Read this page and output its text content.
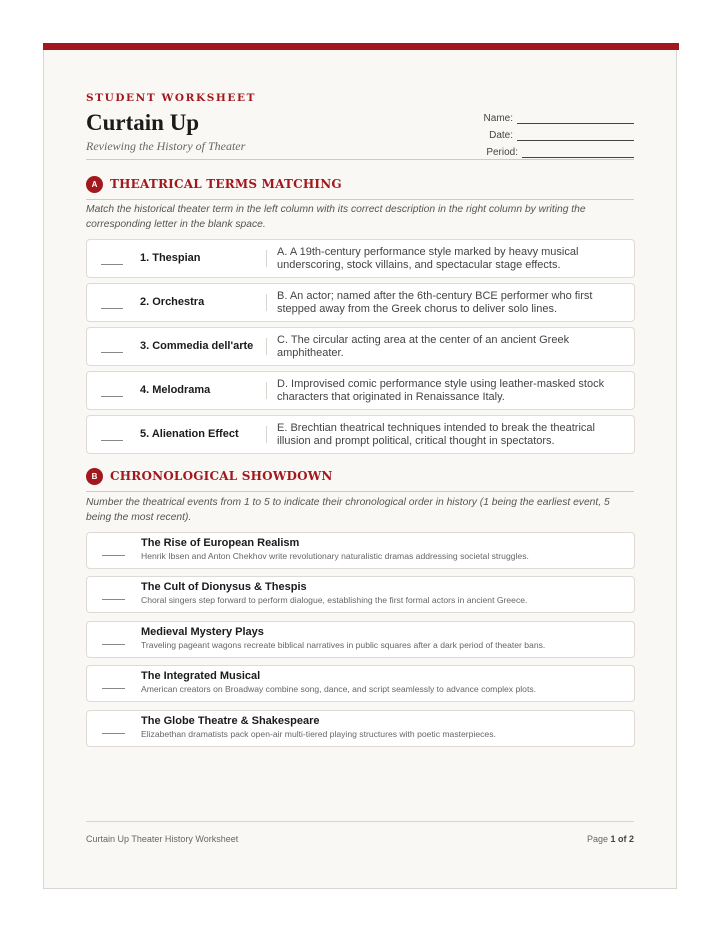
STUDENT WORKSHEET
Curtain Up
Reviewing the History of Theater
Name:
Date:
Period:
A	THEATRICAL TERMS MATCHING
Match the historical theater term in the left column with its correct description in the right column by writing the corresponding letter in the blank space.
1. Thespian	A. A 19th-century performance style marked by heavy musical underscoring, stock villains, and spectacular stage effects.
2. Orchestra	B. An actor; named after the 6th-century BCE performer who first stepped away from the Greek chorus to deliver solo lines.
3. Commedia dell'arte C. The circular acting area at the center of an ancient Greek amphitheater.
4. Melodrama	D. Improvised comic performance style using leather-masked stock characters that originated in Renaissance Italy.
5. Alienation Effect	E. Brechtian theatrical techniques intended to break the theatrical illusion and prompt political, critical thought in spectators.
B	CHRONOLOGICAL SHOWDOWN
Number the theatrical events from 1 to 5 to indicate their chronological order in history (1 being the earliest event, 5 being the most recent).
The Rise of European Realism
Henrik Ibsen and Anton Chekhov write revolutionary naturalistic dramas addressing societal struggles.
The Cult of Dionysus & Thespis
Choral singers step forward to perform dialogue, establishing the first formal actors in ancient Greece.
Medieval Mystery Plays
Traveling pageant wagons recreate biblical narratives in public squares after a dark period of theater bans.
The Integrated Musical
American creators on Broadway combine song, dance, and script seamlessly to advance complex plots.
The Globe Theatre & Shakespeare
Elizabethan dramatists pack open-air multi-tiered playing structures with poetic masterpieces.
Curtain Up Theater History Worksheet	Page 1 of 2
